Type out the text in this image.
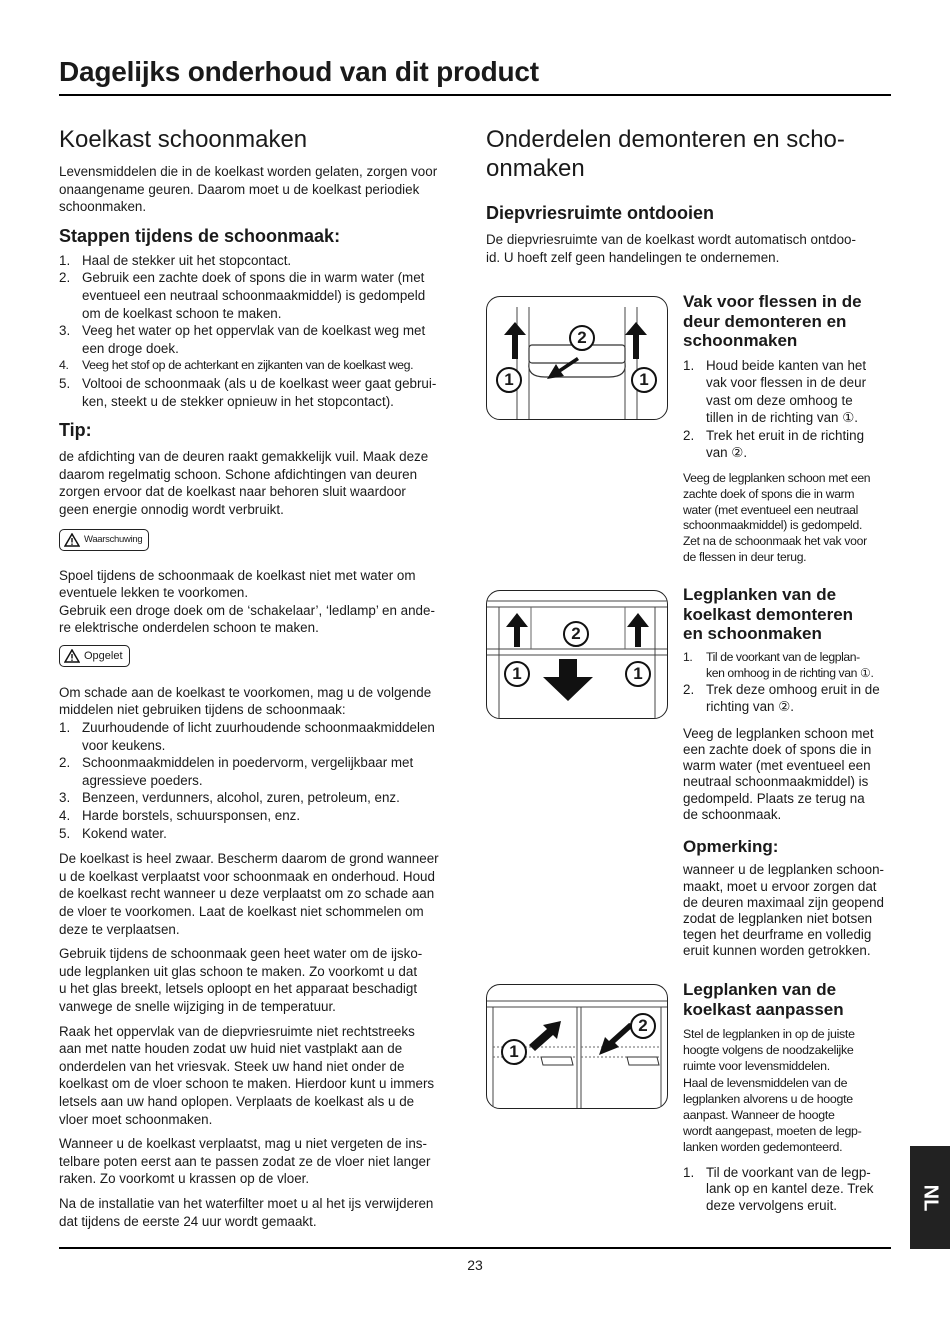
Dagelijks onderhoud van dit product
Koelkast schoonmaken

Levensmiddelen die in de koelkast worden gelaten, zorgen voor
onaangename geuren. Daarom moet u de koelkast periodiek
schoonmaken.

Stappen tijdens de schoonmaak:
1. Haal de stekker uit het stopcontact.
2. Gebruik een zachte doek of spons die in warm water (met
eventueel een neutraal schoonmaakmiddel) is gedompeld
om de koelkast schoon te maken.
3. Veeg het water op het oppervlak van de koelkast weg met
een droge doek.
4. Veeg het stof op de achterkant en zijkanten van de koelkast weg.
5. Voltooi de schoonmaak (als u de koelkast weer gaat gebrui-
ken, steekt u de stekker opnieuw in het stopcontact).
Tip:

de afdichting van de deuren raakt gemakkelijk vuil. Maak deze
daarom regelmatig schoon. Schone afdichtingen van deuren
zorgen ervoor dat de koelkast naar behoren sluit waardoor
geen energie onnodig wordt verbruikt.

Waarschuwing

Spoel tijdens de schoonmaak de koelkast niet met water om
eventuele lekken te voorkomen.
Gebruik een droge doek om de ‘schakelaar’, ‘ledlamp’ en ande-
re elektrische onderdelen schoon te maken.

Opgelet

Om schade aan de koelkast te voorkomen, mag u de volgende
middelen niet gebruiken tijdens de schoonmaak:

1. Zuurhoudende of licht zuurhoudende schoonmaakmiddelen
voor keukens.
2. Schoonmaakmiddelen in poedervorm, vergelijkbaar met
agressieve poeders.
3. Benzeen, verdunners, alcohol, zuren, petroleum, enz.
4. Harde borstels, schuursponsen, enz.
5. Kokend water.

De koelkast is heel zwaar. Bescherm daarom de grond wanneer
u de koelkast verplaatst voor schoonmaak en onderhoud. Houd
de koelkast recht wanneer u deze verplaatst om zo schade aan
de vloer te voorkomen. Laat de koelkast niet schommelen om
deze te verplaatsen.

Gebruik tijdens de schoonmaak geen heet water om de ijsko-
ude legplanken uit glas schoon te maken. Zo voorkomt u dat
u het glas breekt, letsels oploopt en het apparaat beschadigt
vanwege de snelle wijziging in de temperatuur.

Raak het oppervlak van de diepvriesruimte niet rechtstreeks
aan met natte houden zodat uw huid niet vastplakt aan de
onderdelen van het vriesvak. Steek uw hand niet onder de
koelkast om de vloer schoon te maken. Hierdoor kunt u immers
letsels aan uw hand oplopen. Verplaats de koelkast als u de
vloer moet schoonmaken.

Wanneer u de koelkast verplaatst, mag u niet vergeten de ins-
telbare poten eerst aan te passen zodat ze de vloer niet langer
raken. Zo voorkomt u krassen op de vloer.

Na de installatie van het waterfilter moet u al het ijs verwijderen
dat tijdens de eerste 24 uur wordt gemaakt.

Onderdelen demonteren en scho-
onmaken
Diepvriesruimte ontdooien

De diepvriesruimte van de koelkast wordt automatisch ontdoo-
id. U hoeft zelf geen handelingen te ondernemen.

1	1
2
Vak voor flessen in de
deur demonteren en
schoonmaken
1. Houd beide kanten van het
vak voor flessen in de deur
vast om deze omhoog te
tillen in de richting van ①.
2. Trek het eruit in de richting
van ②.

Veeg de legplanken schoon met een
zachte doek of spons die in warm
water (met eventueel een neutraal
schoonmaakmiddel) is gedompeld.
Zet na de schoonmaak het vak voor
de flessen in deur terug.

1	1
2
Legplanken van de
koelkast demonteren
en schoonmaken
1. Til de voorkant van de legplan-
ken omhoog in de richting van ①.
2. Trek deze omhoog eruit in de
richting van ②.

Veeg de legplanken schoon met
een zachte doek of spons die in
warm water (met eventueel een
neutraal schoonmaakmiddel) is
gedompeld. Plaats ze terug na
de schoonmaak.

Opmerking:

wanneer u de legplanken schoon-
maakt, moet u ervoor zorgen dat
de deuren maximaal zijn geopend
zodat de legplanken niet botsen
tegen het deurframe en volledig
eruit kunnen worden getrokken.

1
2
Legplanken van de
koelkast aanpassen

Stel de legplanken in op de juiste
hoogte volgens de noodzakelijke
ruimte voor levensmiddelen.
Haal de levensmiddelen van de
legplanken alvorens u de hoogte
aanpast. Wanneer de hoogte
wordt aangepast, moeten de legp-
lanken worden gedemonteerd.

1. Til de voorkant van de legp-
lank op en kantel deze. Trek
deze vervolgens eruit.	NL
23
